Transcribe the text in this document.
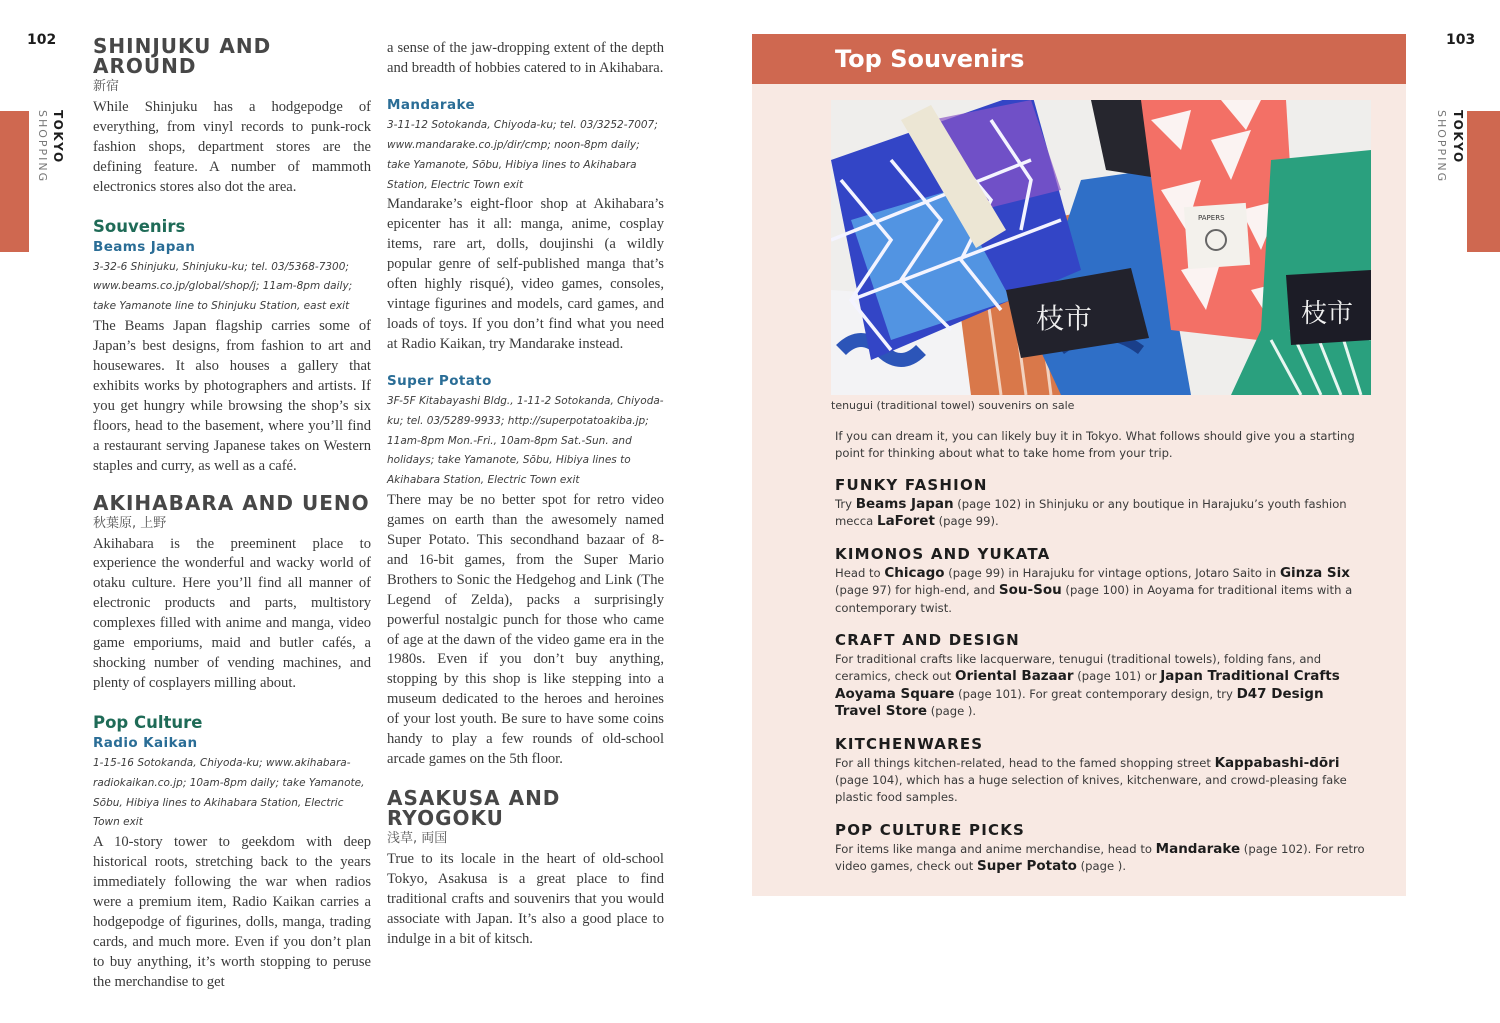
102
SHOPPING TOKYO
SHINJUKU AND
AROUND

新宿

While Shinjuku has a hodgepodge of everything, from vinyl records to punk-rock fashion shops, department stores are the defining feature. A number of mammoth electronics stores also dot the area.

Souvenirs
Beams Japan

3-32-6 Shinjuku, Shinjuku-ku; tel. 03/5368-7300; www.beams.co.jp/global/shop/j; 11am-8pm daily; take Yamanote line to Shinjuku Station, east exit

The Beams Japan flagship carries some of Japan’s best designs, from fashion to art and housewares. It also houses a gallery that exhibits works by photographers and artists. If you get hungry while browsing the shop’s six floors, head to the basement, where you’ll find a restaurant serving Japanese takes on Western staples and curry, as well as a café.

AKIHABARA AND UENO

秋葉原, 上野

Akihabara is the preeminent place to experience the wonderful and wacky world of otaku culture. Here you’ll find all manner of electronic products and parts, multistory complexes filled with anime and manga, video game emporiums, maid and butler cafés, a shocking number of vending machines, and plenty of cosplayers milling about.

Pop Culture
Radio Kaikan

1-15-16 Sotokanda, Chiyoda-ku; www.akihabara-radiokaikan.co.jp; 10am-8pm daily; take Yamanote, Sōbu, Hibiya lines to Akihabara Station, Electric Town exit

A 10-story tower to geekdom with deep historical roots, stretching back to the years immediately following the war when radios were a premium item, Radio Kaikan carries a hodgepodge of figurines, dolls, manga, trading cards, and much more. Even if you don’t plan to buy anything, it’s worth stopping to peruse the merchandise to get

a sense of the jaw-dropping extent of the depth and breadth of hobbies catered to in Akihabara.

Mandarake

3-11-12 Sotokanda, Chiyoda-ku; tel. 03/3252-7007; www.mandarake.co.jp/dir/cmp; noon-8pm daily; take Yamanote, Sōbu, Hibiya lines to Akihabara Station, Electric Town exit

Mandarake’s eight-floor shop at Akihabara’s epicenter has it all: manga, anime, cosplay items, rare art, dolls, doujinshi (a wildly popular genre of self-published manga that’s often highly risqué), video games, consoles, vintage figurines and models, card games, and loads of toys. If you don’t find what you need at Radio Kaikan, try Mandarake instead.

Super Potato

3F-5F Kitabayashi Bldg., 1-11-2 Sotokanda, Chiyoda-ku; tel. 03/5289-9933; http://superpotatoakiba.jp; 11am-8pm Mon.-Fri., 10am-8pm Sat.-Sun. and holidays; take Yamanote, Sōbu, Hibiya lines to Akihabara Station, Electric Town exit

There may be no better spot for retro video games on earth than the awesomely named Super Potato. This secondhand bazaar of 8- and 16-bit games, from the Super Mario Brothers to Sonic the Hedgehog and Link (The Legend of Zelda), packs a surprisingly powerful nostalgic punch for those who came of age at the dawn of the video game era in the 1980s. Even if you don’t buy anything, stopping by this shop is like stepping into a museum dedicated to the heroes and heroines of your lost youth. Be sure to have some coins handy to play a few rounds of old-school arcade games on the 5th floor.

ASAKUSA AND
RYOGOKU

浅草, 両国

True to its locale in the heart of old-school Tokyo, Asakusa is a great place to find traditional crafts and souvenirs that you would associate with Japan. It’s also a good place to indulge in a bit of kitsch.

103
SHOPPING TOKYO
Top Souvenirs
枝市
PAPERS
枝市
tenugui (traditional towel) souvenirs on sale

If you can dream it, you can likely buy it in Tokyo. What follows should give you a starting point for thinking about what to take home from your trip.

FUNKY FASHION

Try Beams Japan (page 102) in Shinjuku or any boutique in Harajuku’s youth fashion mecca LaForet (page 99).

KIMONOS AND YUKATA

Head to Chicago (page 99) in Harajuku for vintage options, Jotaro Saito in Ginza Six (page 97) for high-end, and Sou-Sou (page 100) in Aoyama for traditional items with a contemporary twist.

CRAFT AND DESIGN

For traditional crafts like lacquerware, tenugui (traditional towels), folding fans, and ceramics, check out Oriental Bazaar (page 101) or Japan Traditional Crafts Aoyama Square (page 101). For great contemporary design, try D47 Design Travel Store (page ).

KITCHENWARES

For all things kitchen-related, head to the famed shopping street Kappabashi-dōri (page 104), which has a huge selection of knives, kitchenware, and crowd-pleasing fake plastic food samples.

POP CULTURE PICKS

For items like manga and anime merchandise, head to Mandarake (page 102). For retro video games, check out Super Potato (page ).
